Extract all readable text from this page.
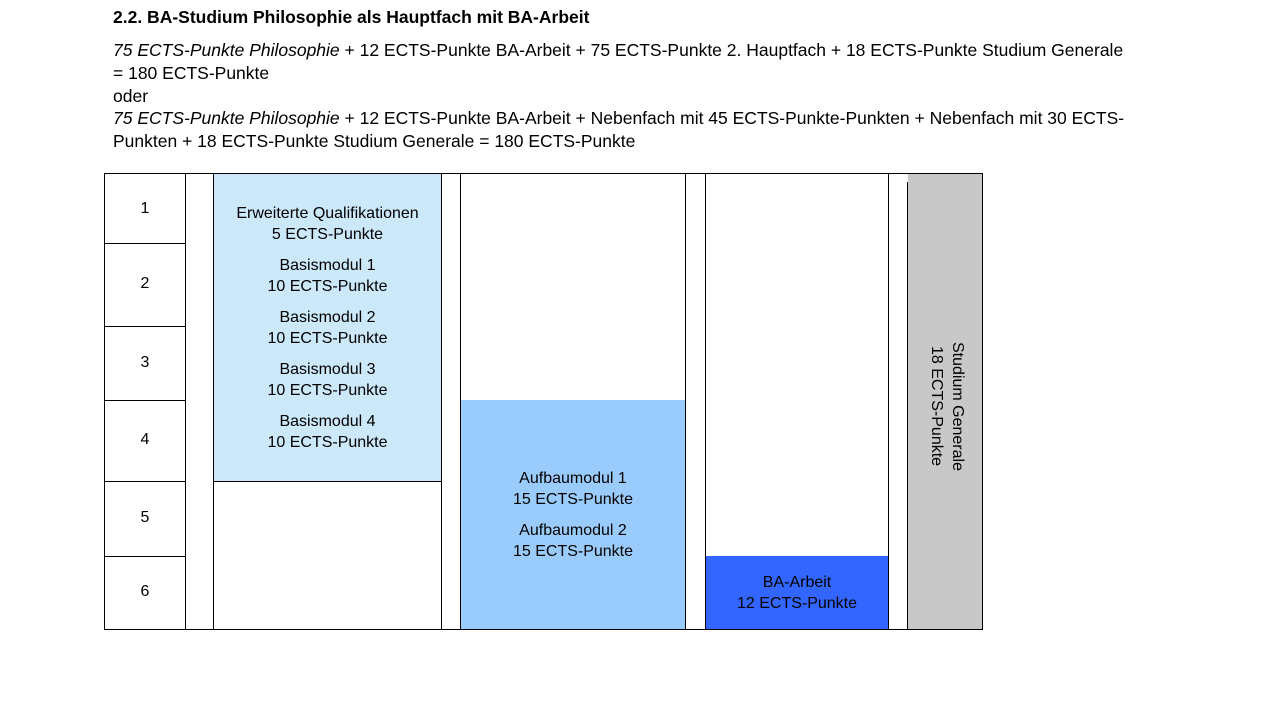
2.2. BA-Studium Philosophie als Hauptfach mit BA-Arbeit
75 ECTS-Punkte Philosophie + 12 ECTS-Punkte BA-Arbeit + 75 ECTS-Punkte 2. Hauptfach + 18 ECTS-Punkte Studium Generale
= 180 ECTS-Punkte
oder
75 ECTS-Punkte Philosophie + 12 ECTS-Punkte BA-Arbeit + Nebenfach mit 45 ECTS-Punkte-Punkten + Nebenfach mit 30 ECTS-
Punkten + 18 ECTS-Punkte Studium Generale = 180 ECTS-Punkte
1
2
3
4
5
6
Erweiterte Qualifikationen
5 ECTS-Punkte
Basismodul 1
10 ECTS-Punkte
Basismodul 2
10 ECTS-Punkte
Basismodul 3
10 ECTS-Punkte
Basismodul 4
10 ECTS-Punkte
Aufbaumodul 1
15 ECTS-Punkte
Aufbaumodul 2
15 ECTS-Punkte
BA-Arbeit
12 ECTS-Punkte
Studium Generale
18 ECTS-Punkte
